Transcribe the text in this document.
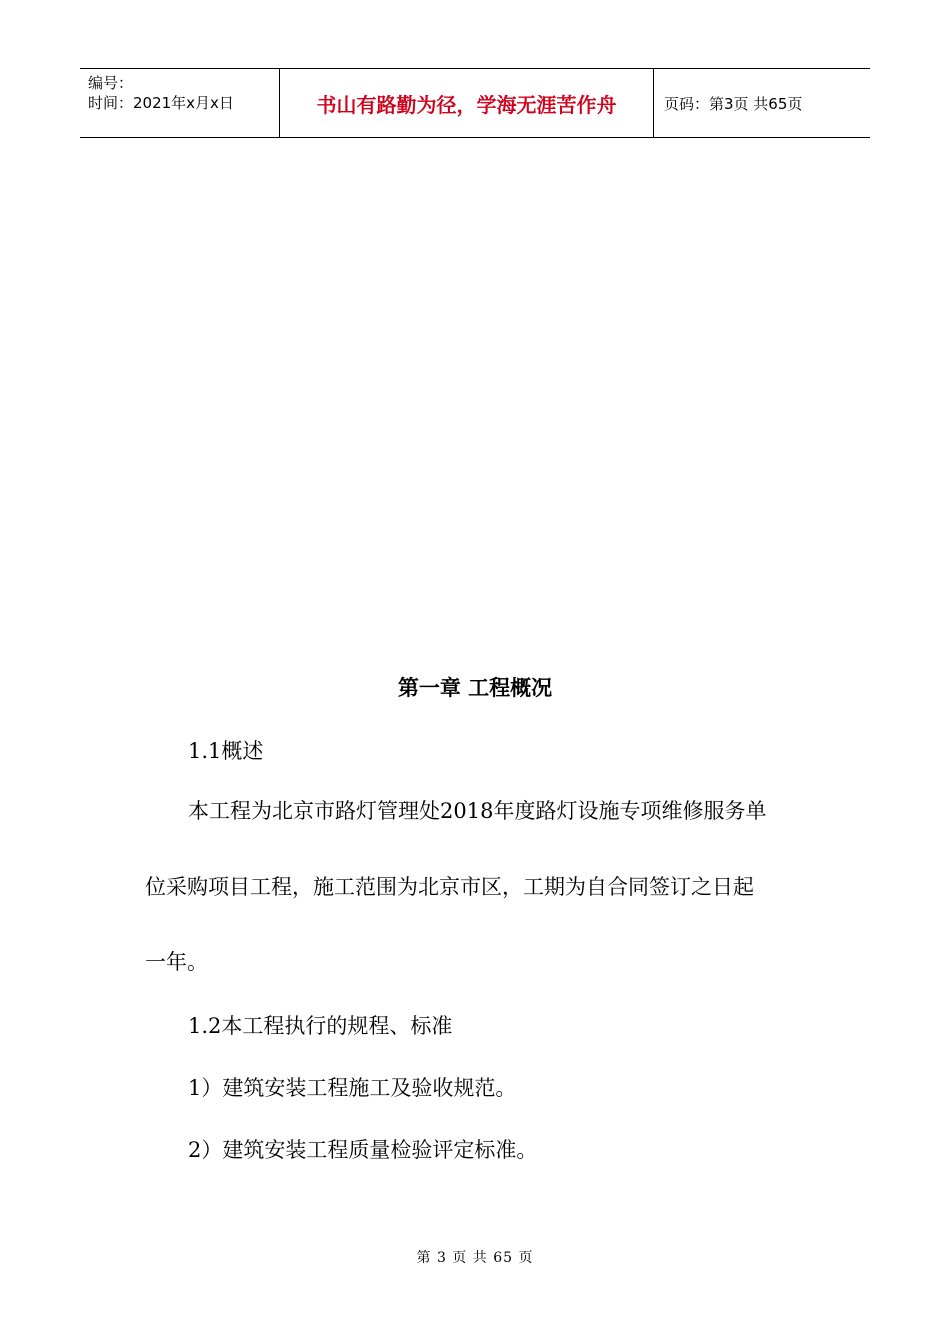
编号：
时间：2021年x月x日	书山有路勤为径，学海无涯苦作舟	页码：第3页 共65页
第一章 工程概况
1.1概述
本工程为北京市路灯管理处2018年度路灯设施专项维修服务单
位采购项目工程，施工范围为北京市区，工期为自合同签订之日起
一年。
1.2本工程执行的规程、标准
1）建筑安装工程施工及验收规范。
2）建筑安装工程质量检验评定标准。
第 3 页 共 65 页
